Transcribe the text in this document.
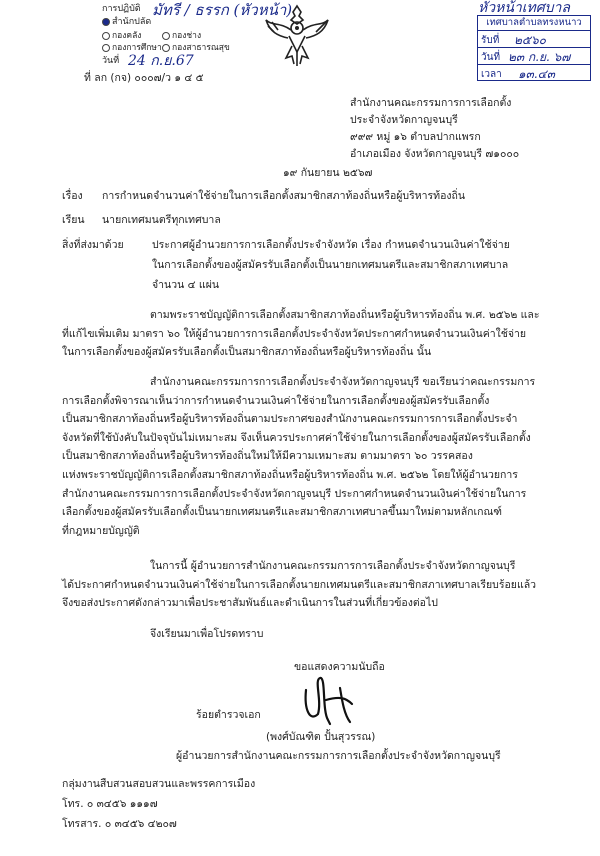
การปฏิบัติ มัทรี / ธรรก (หัวหน้า)
สำนักปลัด
กองคลัง	กองช่าง
กองการศึกษา	กองสาธารณสุข
วันที่ 24 ก.ย.67
หัวหน้าเทศบาล
เทศบาลตำบลทรงหนาว
รับที่ ๒๕๖๐
วันที่ ๒๓ ก.ย. ๖๗
เวลา ๑๓.๔๓
ที่ ลก (กจ) ๐๐๐๗/ว ๑ ๔ ๕
สำนักงานคณะกรรมการการเลือกตั้ง
ประจำจังหวัดกาญจนบุรี
๙๙๙ หมู่ ๑๖ ตำบลปากแพรก
อำเภอเมือง จังหวัดกาญจนบุรี ๗๑๐๐๐
๑๙ กันยายน ๒๕๖๗
เรื่อง การกำหนดจำนวนค่าใช้จ่ายในการเลือกตั้งสมาชิกสภาท้องถิ่นหรือผู้บริหารท้องถิ่น
เรียน นายกเทศมนตรีทุกเทศบาล
สิ่งที่ส่งมาด้วย	ประกาศผู้อำนวยการการเลือกตั้งประจำจังหวัด เรื่อง กำหนดจำนวนเงินค่าใช้จ่าย
ในการเลือกตั้งของผู้สมัครรับเลือกตั้งเป็นนายกเทศมนตรีและสมาชิกสภาเทศบาล
จำนวน ๔ แผ่น
ตามพระราชบัญญัติการเลือกตั้งสมาชิกสภาท้องถิ่นหรือผู้บริหารท้องถิ่น พ.ศ. ๒๕๖๒ และ
ที่แก้ไขเพิ่มเติม มาตรา ๖๐ ให้ผู้อำนวยการการเลือกตั้งประจำจังหวัดประกาศกำหนดจำนวนเงินค่าใช้จ่าย
ในการเลือกตั้งของผู้สมัครรับเลือกตั้งเป็นสมาชิกสภาท้องถิ่นหรือผู้บริหารท้องถิ่น นั้น
สำนักงานคณะกรรมการการเลือกตั้งประจำจังหวัดกาญจนบุรี ขอเรียนว่าคณะกรรมการ
การเลือกตั้งพิจารณาเห็นว่าการกำหนดจำนวนเงินค่าใช้จ่ายในการเลือกตั้งของผู้สมัครรับเลือกตั้ง
เป็นสมาชิกสภาท้องถิ่นหรือผู้บริหารท้องถิ่นตามประกาศของสำนักงานคณะกรรมการการเลือกตั้งประจำ
จังหวัดที่ใช้บังคับในปัจจุบันไม่เหมาะสม จึงเห็นควรประกาศค่าใช้จ่ายในการเลือกตั้งของผู้สมัครรับเลือกตั้ง
เป็นสมาชิกสภาท้องถิ่นหรือผู้บริหารท้องถิ่นใหม่ให้มีความเหมาะสม ตามมาตรา ๖๐ วรรคสอง
แห่งพระราชบัญญัติการเลือกตั้งสมาชิกสภาท้องถิ่นหรือผู้บริหารท้องถิ่น พ.ศ. ๒๕๖๒ โดยให้ผู้อำนวยการ
สำนักงานคณะกรรมการการเลือกตั้งประจำจังหวัดกาญจนบุรี ประกาศกำหนดจำนวนเงินค่าใช้จ่ายในการ
เลือกตั้งของผู้สมัครรับเลือกตั้งเป็นนายกเทศมนตรีและสมาชิกสภาเทศบาลขึ้นมาใหม่ตามหลักเกณฑ์
ที่กฎหมายบัญญัติ
ในการนี้ ผู้อำนวยการสำนักงานคณะกรรมการการเลือกตั้งประจำจังหวัดกาญจนบุรี
ได้ประกาศกำหนดจำนวนเงินค่าใช้จ่ายในการเลือกตั้งนายกเทศมนตรีและสมาชิกสภาเทศบาลเรียบร้อยแล้ว
จึงขอส่งประกาศดังกล่าวมาเพื่อประชาสัมพันธ์และดำเนินการในส่วนที่เกี่ยวข้องต่อไป
จึงเรียนมาเพื่อโปรดทราบ
ขอแสดงความนับถือ
ร้อยตำรวจเอก
(พงศ์บัณฑิต ปั้นสุวรรณ)
ผู้อำนวยการสำนักงานคณะกรรมการการเลือกตั้งประจำจังหวัดกาญจนบุรี
กลุ่มงานสืบสวนสอบสวนและพรรคการเมือง
โทร. ๐ ๓๔๕๖ ๑๑๑๗
โทรสาร. ๐ ๓๔๕๖ ๔๒๐๗
